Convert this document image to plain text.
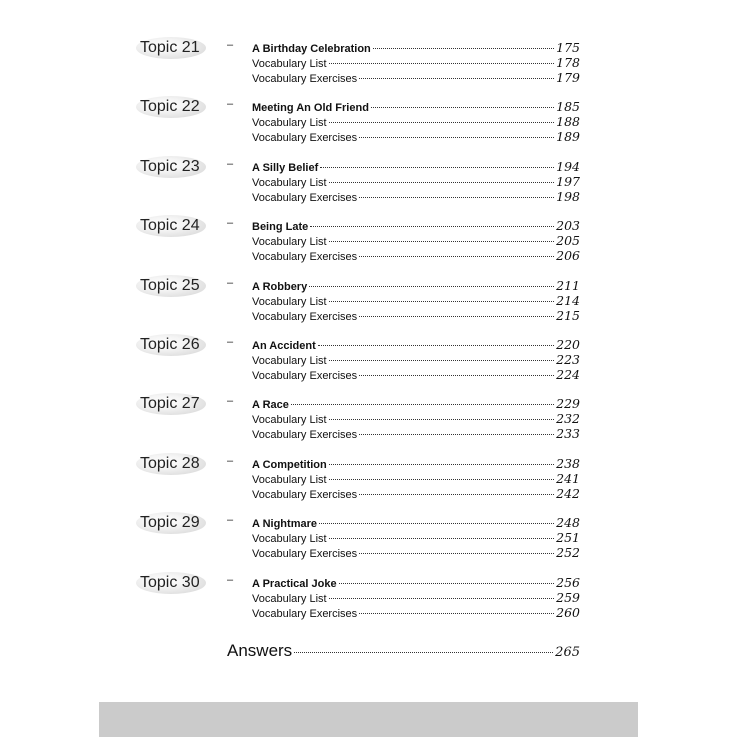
Topic 21 – A Birthday Celebration	175
Vocabulary List	178
Vocabulary Exercises	179
Topic 22 – Meeting An Old Friend	185
Vocabulary List	188
Vocabulary Exercises	189
Topic 23 – A Silly Belief	194
Vocabulary List	197
Vocabulary Exercises	198
Topic 24 – Being Late	203
Vocabulary List	205
Vocabulary Exercises	206
Topic 25 – A Robbery	211
Vocabulary List	214
Vocabulary Exercises	215
Topic 26 – An Accident	220
Vocabulary List	223
Vocabulary Exercises	224
Topic 27 – A Race	229
Vocabulary List	232
Vocabulary Exercises	233
Topic 28 – A Competition	238
Vocabulary List	241
Vocabulary Exercises	242
Topic 29 – A Nightmare	248
Vocabulary List	251
Vocabulary Exercises	252
Topic 30 – A Practical Joke	256
Vocabulary List	259
Vocabulary Exercises	260
Answers	265
